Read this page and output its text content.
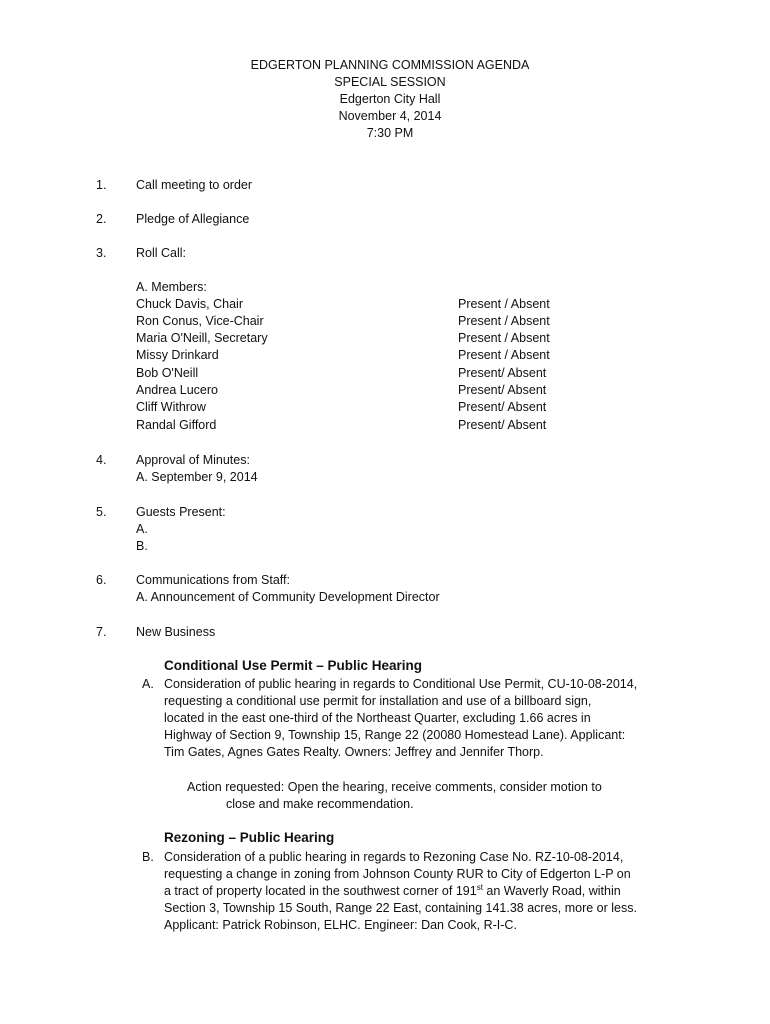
EDGERTON PLANNING COMMISSION AGENDA
SPECIAL SESSION
Edgerton City Hall
November 4, 2014
7:30 PM
1. Call meeting to order
2. Pledge of Allegiance
3. Roll Call:
A. Members:
Chuck Davis, Chair	Present / Absent
Ron Conus, Vice-Chair	Present / Absent
Maria O'Neill, Secretary	Present / Absent
Missy Drinkard	Present / Absent
Bob O'Neill	Present/ Absent
Andrea Lucero	Present/ Absent
Cliff Withrow	Present/ Absent
Randal Gifford	Present/ Absent
4. Approval of Minutes:
A. September 9, 2014
5. Guests Present:
A.
B.
6. Communications from Staff:
A. Announcement of Community Development Director
7. New Business
Conditional Use Permit – Public Hearing
A. Consideration of public hearing in regards to Conditional Use Permit, CU-10-08-2014,
requesting a conditional use permit for installation and use of a billboard sign,
located in the east one-third of the Northeast Quarter, excluding 1.66 acres in
Highway of Section 9, Township 15, Range 22 (20080 Homestead Lane). Applicant:
Tim Gates, Agnes Gates Realty. Owners: Jeffrey and Jennifer Thorp.
Action requested: Open the hearing, receive comments, consider motion to
close and make recommendation.
Rezoning – Public Hearing
B. Consideration of a public hearing in regards to Rezoning Case No. RZ-10-08-2014,
requesting a change in zoning from Johnson County RUR to City of Edgerton L-P on
a tract of property located in the southwest corner of 191st an Waverly Road, within
Section 3, Township 15 South, Range 22 East, containing 141.38 acres, more or less.
Applicant: Patrick Robinson, ELHC. Engineer: Dan Cook, R-I-C.
